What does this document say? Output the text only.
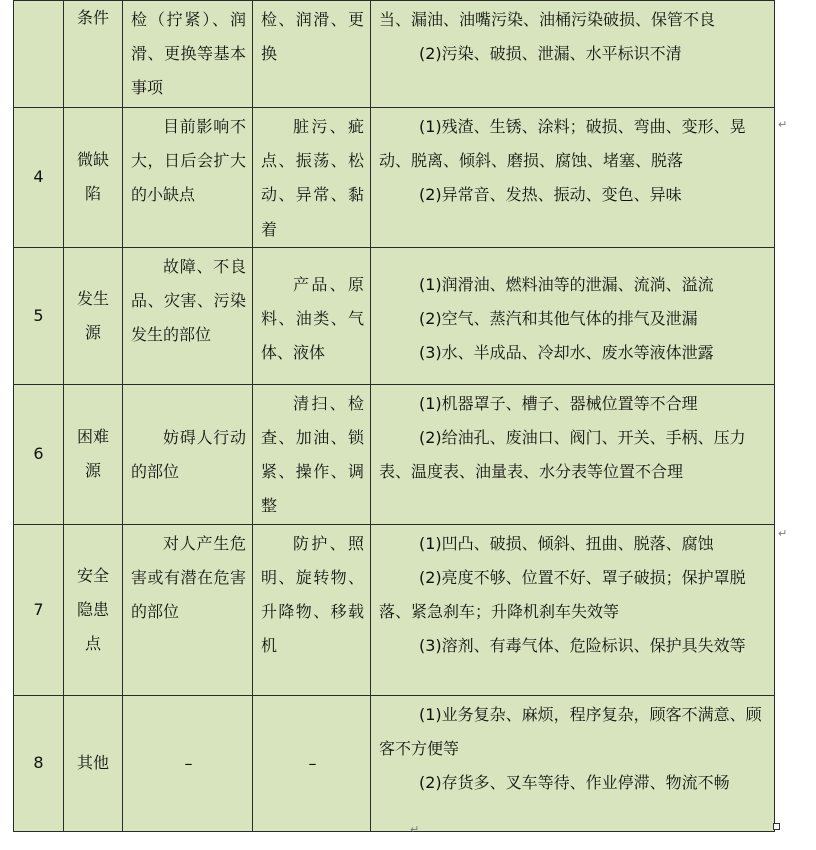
	条件	检（拧紧）、润滑、更换等基本事项	检、润滑、更换	当、漏油、油嘴污染、油桶污染破损、保管不良
(2)污染、破损、泄漏、水平标识不清

4	微缺陷	目前影响不大，日后会扩大的小缺点	脏污、疵点、振荡、松动、异常、黏着	(1)残渣、生锈、涂料；破损、弯曲、变形、晃动、脱离、倾斜、磨损、腐蚀、堵塞、脱落
(2)异常音、发热、振动、变色、异味

5	发生源	故障、不良品、灾害、污染发生的部位	产品、原料、油类、气体、液体	(1)润滑油、燃料油等的泄漏、流淌、溢流
(2)空气、蒸汽和其他气体的排气及泄漏
(3)水、半成品、冷却水、废水等液体泄露

6	困难源	妨碍人行动的部位	清扫、检查、加油、锁紧、操作、调整	(1)机器罩子、槽子、器械位置等不合理
(2)给油孔、废油口、阀门、开关、手柄、压力表、温度表、油量表、水分表等位置不合理

7	安全隐患点	对人产生危害或有潜在危害的部位	防护、照明、旋转物、升降物、移载机	(1)凹凸、破损、倾斜、扭曲、脱落、腐蚀
(2)亮度不够、位置不好、罩子破损；保护罩脱落、紧急刹车；升降机刹车失效等
(3)溶剂、有毒气体、危险标识、保护具失效等

8	其他	–	–	(1)业务复杂、麻烦，程序复杂，顾客不满意、顾客不方便等
(2)存货多、叉车等待、作业停滞、物流不畅
↵
↵
↵
